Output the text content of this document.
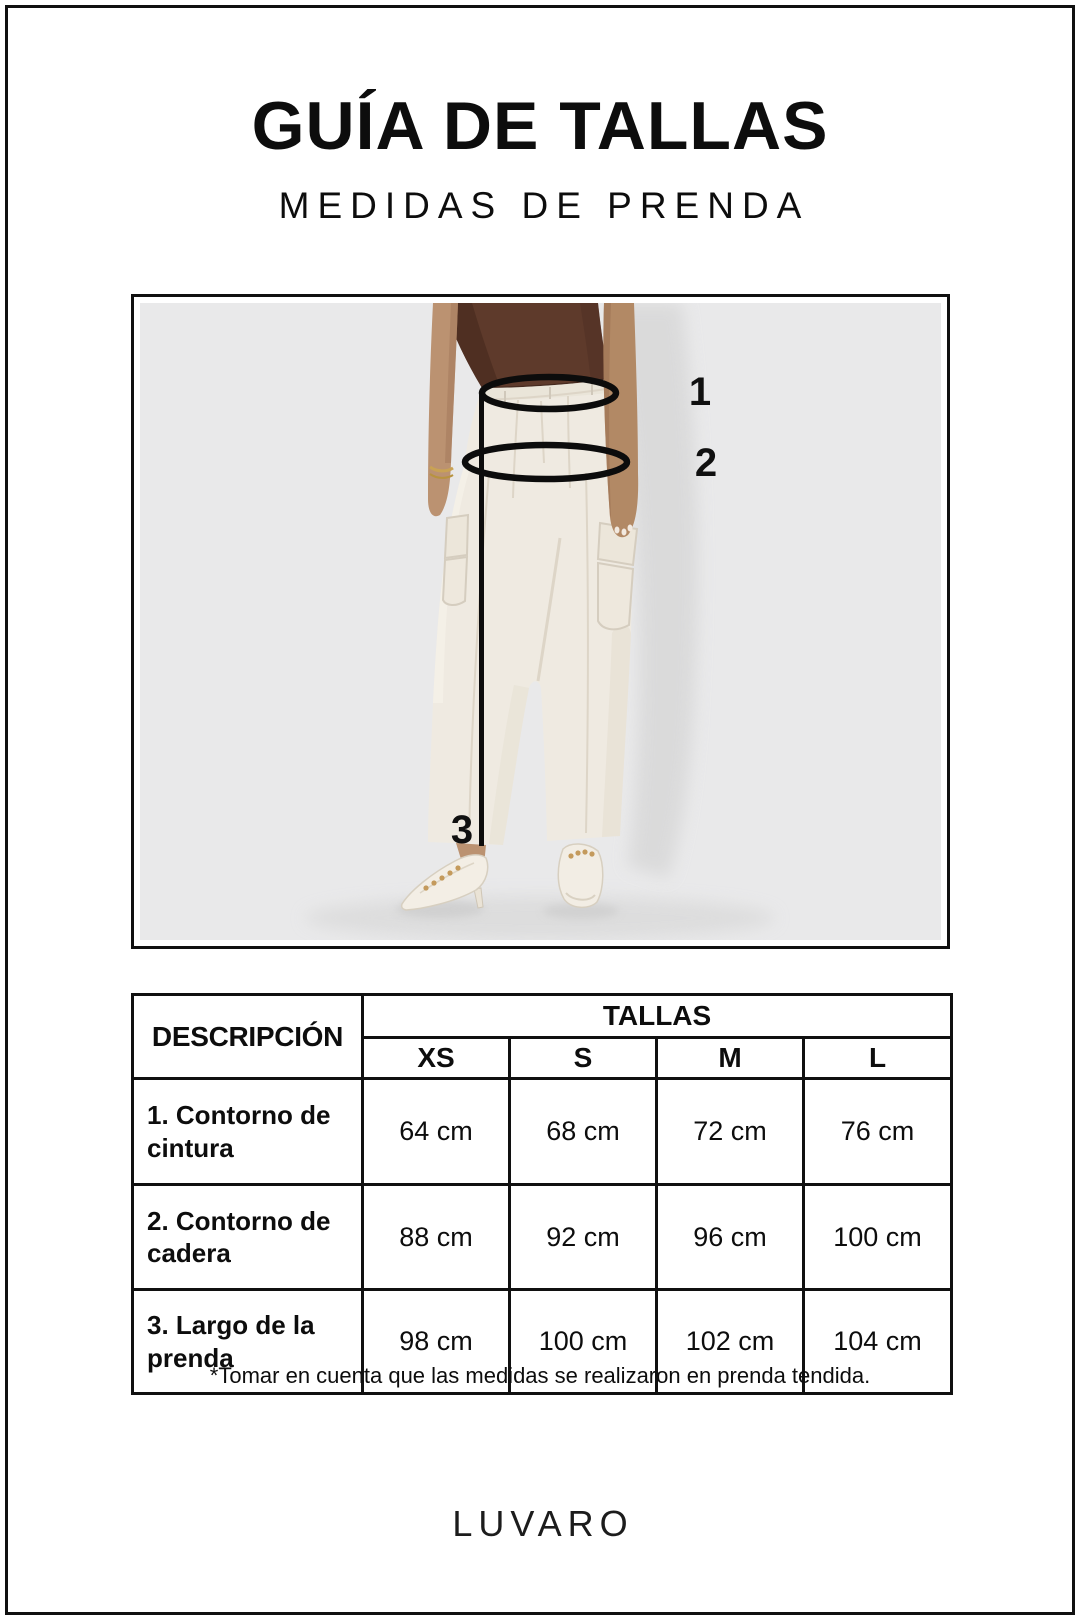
GUÍA DE TALLAS
MEDIDAS DE PRENDA
1
2
3
DESCRIPCIÓN	TALLAS			
	XS	S	M	L
1. Contorno de cintura	64 cm	68 cm	72 cm	76 cm
2. Contorno de cadera	88 cm	92 cm	96 cm	100 cm
3. Largo de la prenda	98 cm	100 cm	102 cm	104 cm
*Tomar en cuenta que las medidas se realizaron en prenda tendida.
LUVARO
